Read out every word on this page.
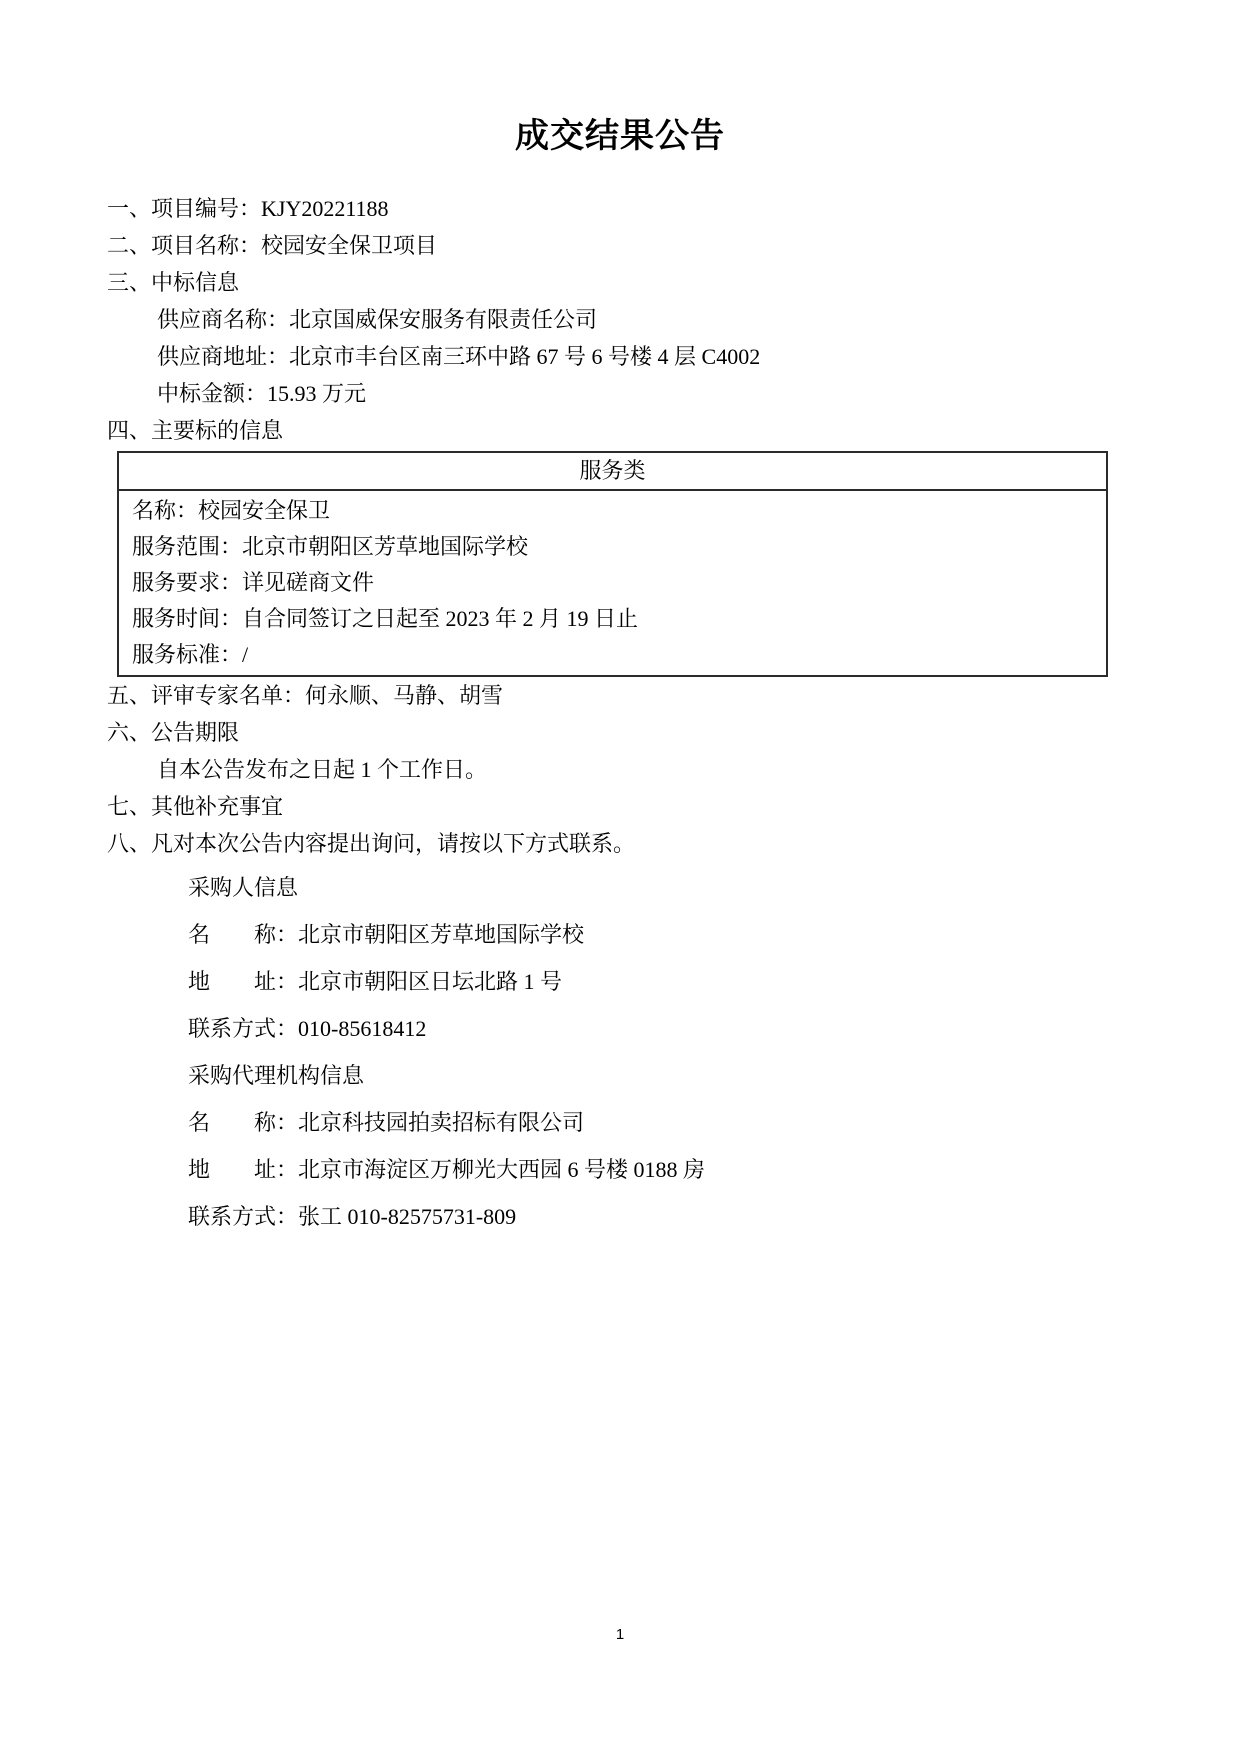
成交结果公告
一、项目编号：KJY20221188
二、项目名称：校园安全保卫项目
三、中标信息
供应商名称：北京国威保安服务有限责任公司
供应商地址：北京市丰台区南三环中路 67 号 6 号楼 4 层 C4002
中标金额：15.93 万元
四、主要标的信息
服务类
名称：校园安全保卫
服务范围：北京市朝阳区芳草地国际学校
服务要求：详见磋商文件
服务时间：自合同签订之日起至 2023 年 2 月 19 日止
服务标准：/
五、评审专家名单：何永顺、马静、胡雪
六、公告期限
自本公告发布之日起 1 个工作日。
七、其他补充事宜
八、凡对本次公告内容提出询问，请按以下方式联系。
采购人信息
名　　称：北京市朝阳区芳草地国际学校
地　　址：北京市朝阳区日坛北路 1 号
联系方式：010-85618412
采购代理机构信息
名　　称：北京科技园拍卖招标有限公司
地　　址：北京市海淀区万柳光大西园 6 号楼 0188 房
联系方式：张工 010-82575731-809
1
